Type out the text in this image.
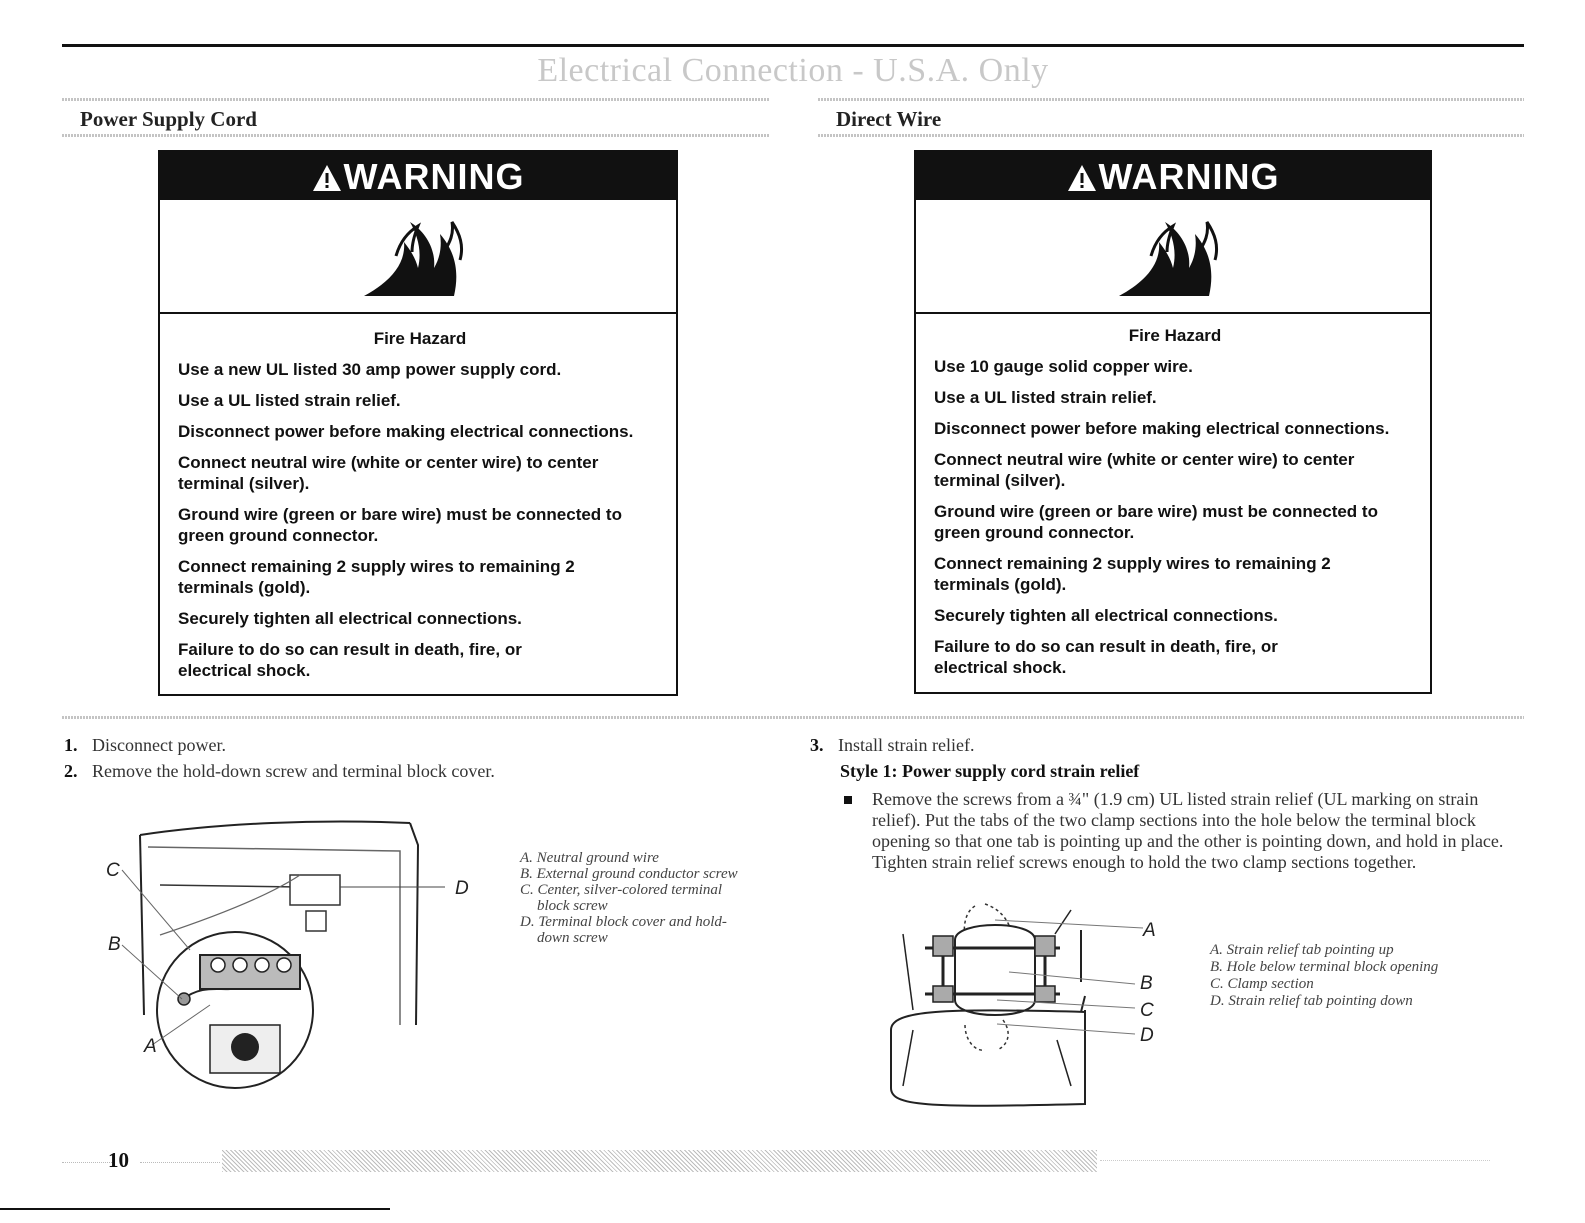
Electrical Connection - U.S.A. Only
Power Supply Cord	Direct Wire
WARNING
Fire Hazard

Use a new UL listed 30 amp power supply cord.

Use a UL listed strain relief.

Disconnect power before making electrical connections.

Connect neutral wire (white or center wire) to center terminal (silver).

Ground wire (green or bare wire) must be connected to green ground connector.

Connect remaining 2 supply wires to remaining 2 terminals (gold).

Securely tighten all electrical connections.

Failure to do so can result in death, fire, or electrical shock.

WARNING
Fire Hazard

Use 10 gauge solid copper wire.

Use a UL listed strain relief.

Disconnect power before making electrical connections.

Connect neutral wire (white or center wire) to center terminal (silver).

Ground wire (green or bare wire) must be connected to green ground connector.

Connect remaining 2 supply wires to remaining 2 terminals (gold).

Securely tighten all electrical connections.

Failure to do so can result in death, fire, or electrical shock.

1. Disconnect power.
2. Remove the hold-down screw and terminal block cover.
C
B
A
D
A. Neutral ground wire
B. External ground conductor screw
C. Center, silver-colored terminal
block screw
D. Terminal block cover and hold-
down screw
3. Install strain relief.
Style 1: Power supply cord strain relief
Remove the screws from a ¾" (1.9 cm) UL listed strain relief (UL marking on strain relief). Put the tabs of the two clamp sections into the hole below the terminal block opening so that one tab is pointing up and the other is pointing down, and hold in place. Tighten strain relief screws enough to hold the two clamp sections together.
A
B
C
D
A. Strain relief tab pointing up
B. Hole below terminal block opening
C. Clamp section
D. Strain relief tab pointing down
10
